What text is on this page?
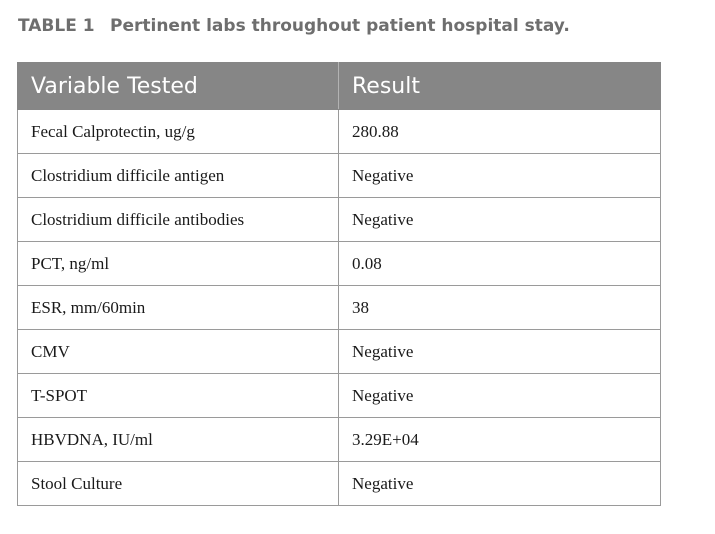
TABLE 1 Pertinent labs throughout patient hospital stay.
Variable Tested	Result
Fecal Calprotectin, ug/g	280.88
Clostridium difficile antigen	Negative
Clostridium difficile antibodies	Negative
PCT, ng/ml	0.08
ESR, mm/60min	38
CMV	Negative
T-SPOT	Negative
HBVDNA, IU/ml	3.29E+04
Stool Culture	Negative
